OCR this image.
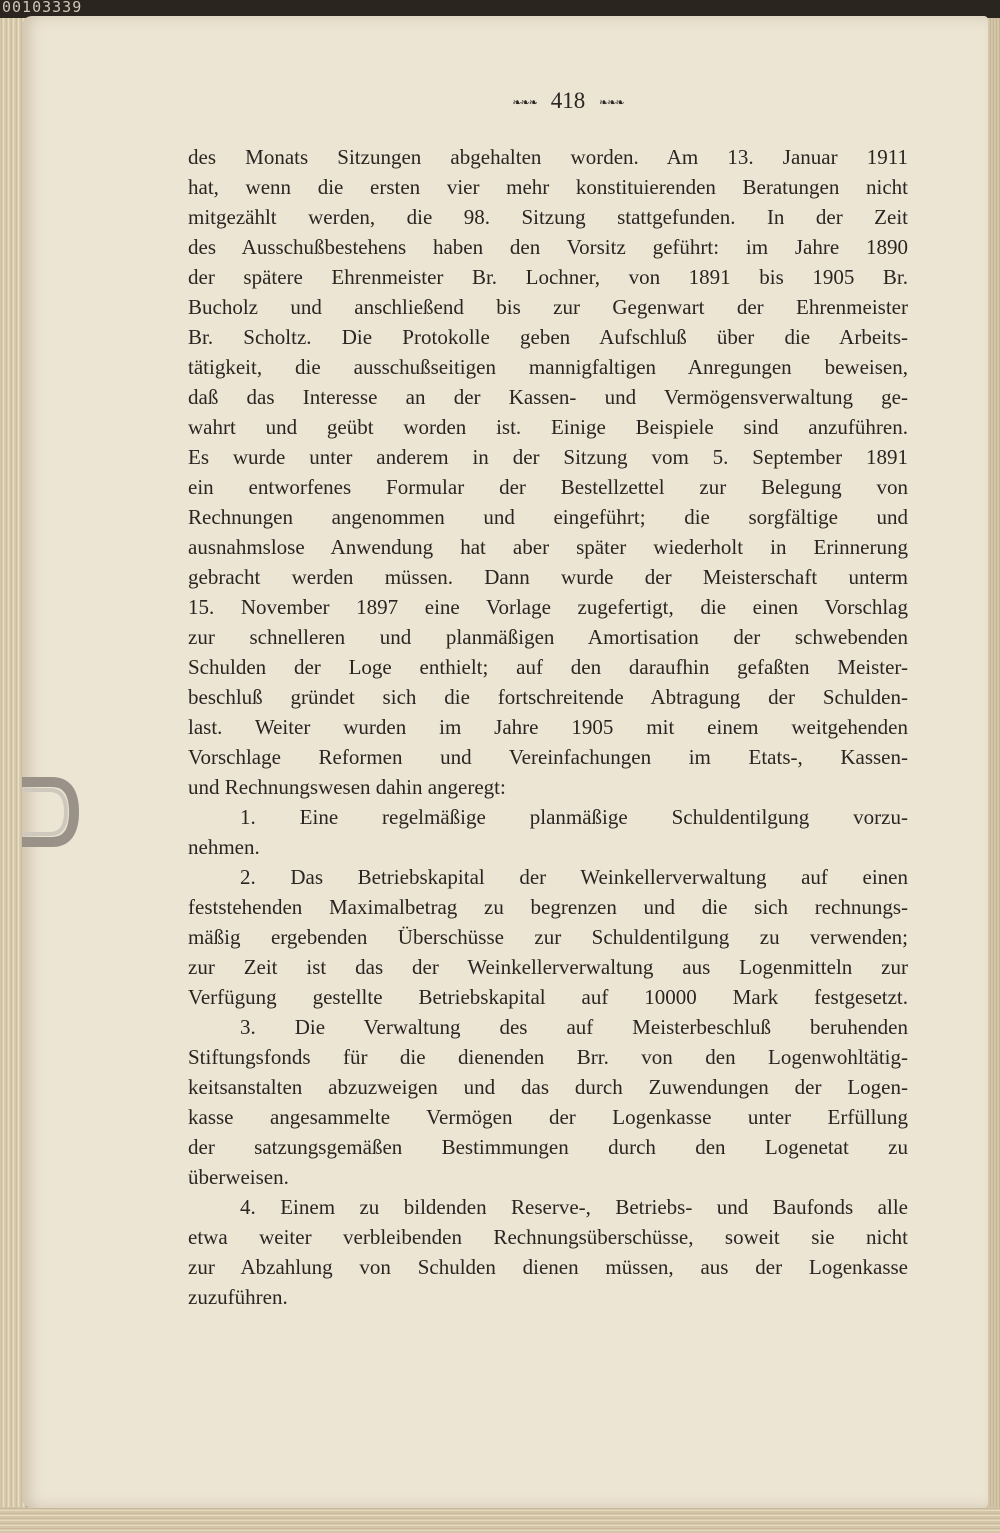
00103339
❧❧❧ 418 ❧❧❧
des Monats Sitzungen abgehalten worden. Am 13. Januar 1911
hat, wenn die ersten vier mehr konstituierenden Beratungen nicht
mitgezählt werden, die 98. Sitzung stattgefunden. In der Zeit
des Ausschußbestehens haben den Vorsitz geführt: im Jahre 1890
der spätere Ehrenmeister Br. Lochner, von 1891 bis 1905 Br.
Bucholz und anschließend bis zur Gegenwart der Ehrenmeister
Br. Scholtz. Die Protokolle geben Aufschluß über die Arbeits-
tätigkeit, die ausschußseitigen mannigfaltigen Anregungen beweisen,
daß das Interesse an der Kassen- und Vermögensverwaltung ge-
wahrt und geübt worden ist. Einige Beispiele sind anzuführen.
Es wurde unter anderem in der Sitzung vom 5. September 1891
ein entworfenes Formular der Bestellzettel zur Belegung von
Rechnungen angenommen und eingeführt; die sorgfältige und
ausnahmslose Anwendung hat aber später wiederholt in Erinnerung
gebracht werden müssen. Dann wurde der Meisterschaft unterm
15. November 1897 eine Vorlage zugefertigt, die einen Vorschlag
zur schnelleren und planmäßigen Amortisation der schwebenden
Schulden der Loge enthielt; auf den daraufhin gefaßten Meister-
beschluß gründet sich die fortschreitende Abtragung der Schulden-
last. Weiter wurden im Jahre 1905 mit einem weitgehenden
Vorschlage Reformen und Vereinfachungen im Etats-, Kassen-
und Rechnungswesen dahin angeregt:
1. Eine regelmäßige planmäßige Schuldentilgung vorzu-
nehmen.
2. Das Betriebskapital der Weinkellerverwaltung auf einen
feststehenden Maximalbetrag zu begrenzen und die sich rechnungs-
mäßig ergebenden Überschüsse zur Schuldentilgung zu verwenden;
zur Zeit ist das der Weinkellerverwaltung aus Logenmitteln zur
Verfügung gestellte Betriebskapital auf 10000 Mark festgesetzt.
3. Die Verwaltung des auf Meisterbeschluß beruhenden
Stiftungsfonds für die dienenden Brr. von den Logenwohltätig-
keitsanstalten abzuzweigen und das durch Zuwendungen der Logen-
kasse angesammelte Vermögen der Logenkasse unter Erfüllung
der satzungsgemäßen Bestimmungen durch den Logenetat zu
überweisen.
4. Einem zu bildenden Reserve-, Betriebs- und Baufonds alle
etwa weiter verbleibenden Rechnungsüberschüsse, soweit sie nicht
zur Abzahlung von Schulden dienen müssen, aus der Logenkasse
zuzuführen.
